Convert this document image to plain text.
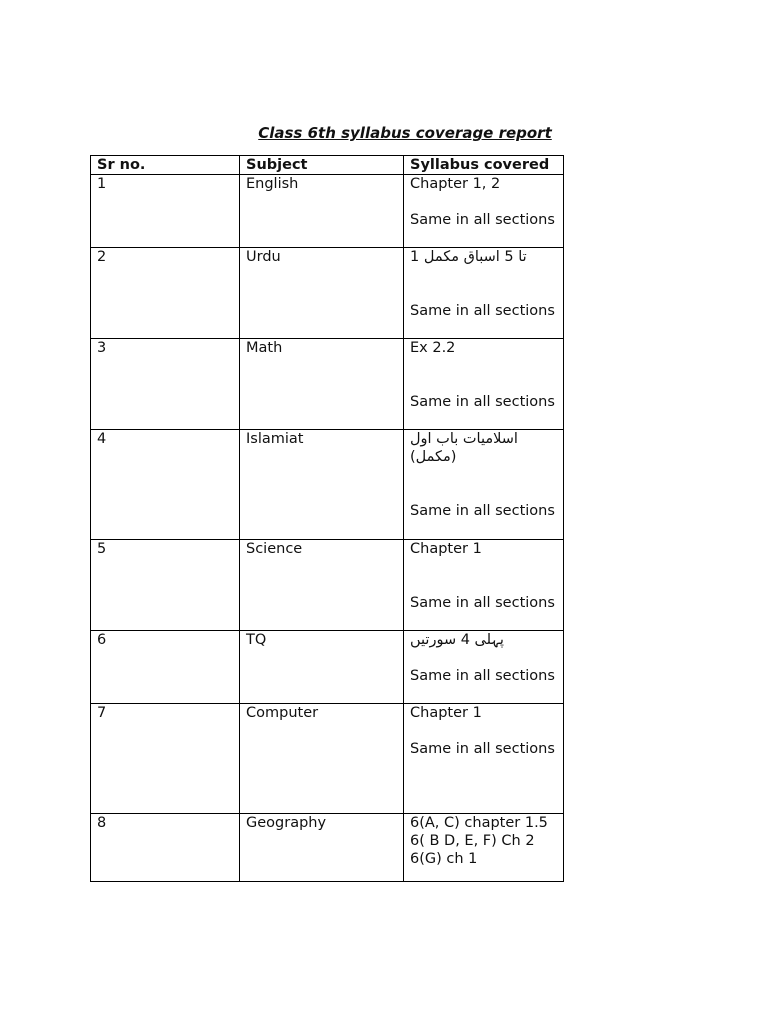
Class 6th syllabus coverage report
Sr no.	Subject	Syllabus covered
1	English	Chapter 1, 2

Same in all sections
2	Urdu	تا 5 اسباق مکمل 1

Same in all sections
3	Math	Ex 2.2

Same in all sections
4	Islamiat	اسلامیات باب اول (مکمل)

Same in all sections
5	Science	Chapter 1

Same in all sections
6	TQ	پہلی 4 سورتیں

Same in all sections
7	Computer	Chapter 1

Same in all sections
8	Geography	6(A, C) chapter 1.5
6( B D, E, F) Ch 2
6(G) ch 1
